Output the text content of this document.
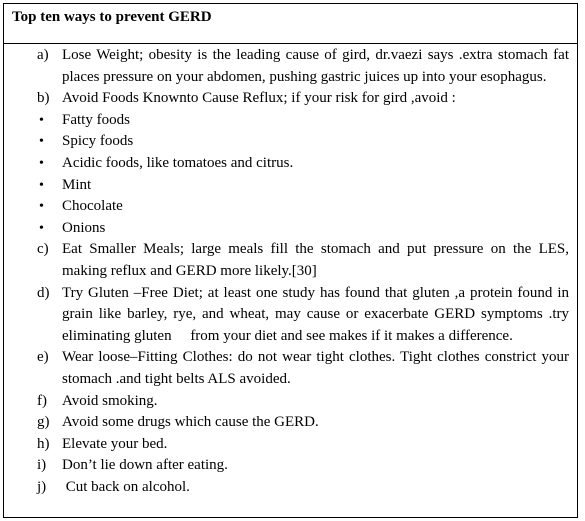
Top ten ways to prevent GERD
a) Lose Weight; obesity is the leading cause of gird, dr.vaezi says .extra stomach fat places pressure on your abdomen, pushing gastric juices up into your esophagus.
b) Avoid Foods Knownto Cause Reflux; if your risk for gird ,avoid :
•	Fatty foods
•	Spicy foods
•	Acidic foods, like tomatoes and citrus.
•	Mint
•	Chocolate
•	Onions
c) Eat Smaller Meals; large meals fill the stomach and put pressure on the LES, making reflux and GERD more likely.[30]
d) Try Gluten –Free Diet; at least one study has found that gluten ,a protein found in grain like barley, rye, and wheat, may cause or exacerbate GERD symptoms .try eliminating gluten     from your diet and see makes if it makes a difference.
e) Wear loose–Fitting Clothes: do not wear tight clothes. Tight clothes constrict your stomach .and tight belts ALS avoided.
f)	Avoid smoking.
g) Avoid some drugs which cause the GERD.
h) Elevate your bed.
i)	Don’t lie down after eating.
j)	Cut back on alcohol.
